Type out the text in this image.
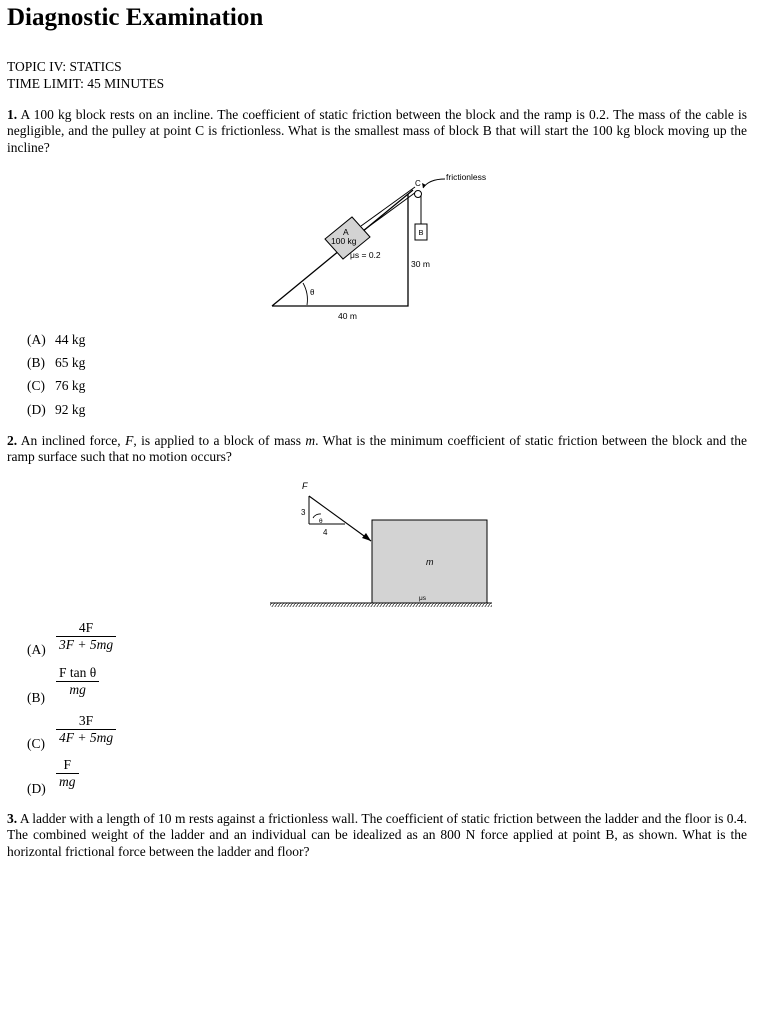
Diagnostic Examination
TOPIC IV: STATICS
TIME LIMIT: 45 MINUTES

1. A 100 kg block rests on an incline. The coefficient of static friction between the block and the ramp is 0.2. The mass of the cable is negligible, and the pulley at point C is frictionless. What is the smallest mass of block B that will start the 100 kg block moving up the incline?

θ
A
100 kg
C
frictionless
B
μs = 0.2
30 m
40 m
(A) 44 kg
(B) 65 kg
(C) 76 kg
(D) 92 kg

2. An inclined force, F, is applied to a block of mass m. What is the minimum coefficient of static friction between the block and the ramp surface such that no motion occurs?

F
3
4
θ
m
μs
(A)
4F
3F + 5mg
(B)
F tan θ
mg
(C)
3F
4F + 5mg
(D)
F
mg

3. A ladder with a length of 10 m rests against a frictionless wall. The coefficient of static friction between the ladder and the floor is 0.4. The combined weight of the ladder and an individual can be idealized as an 800 N force applied at point B, as shown. What is the horizontal frictional force between the ladder and floor?
